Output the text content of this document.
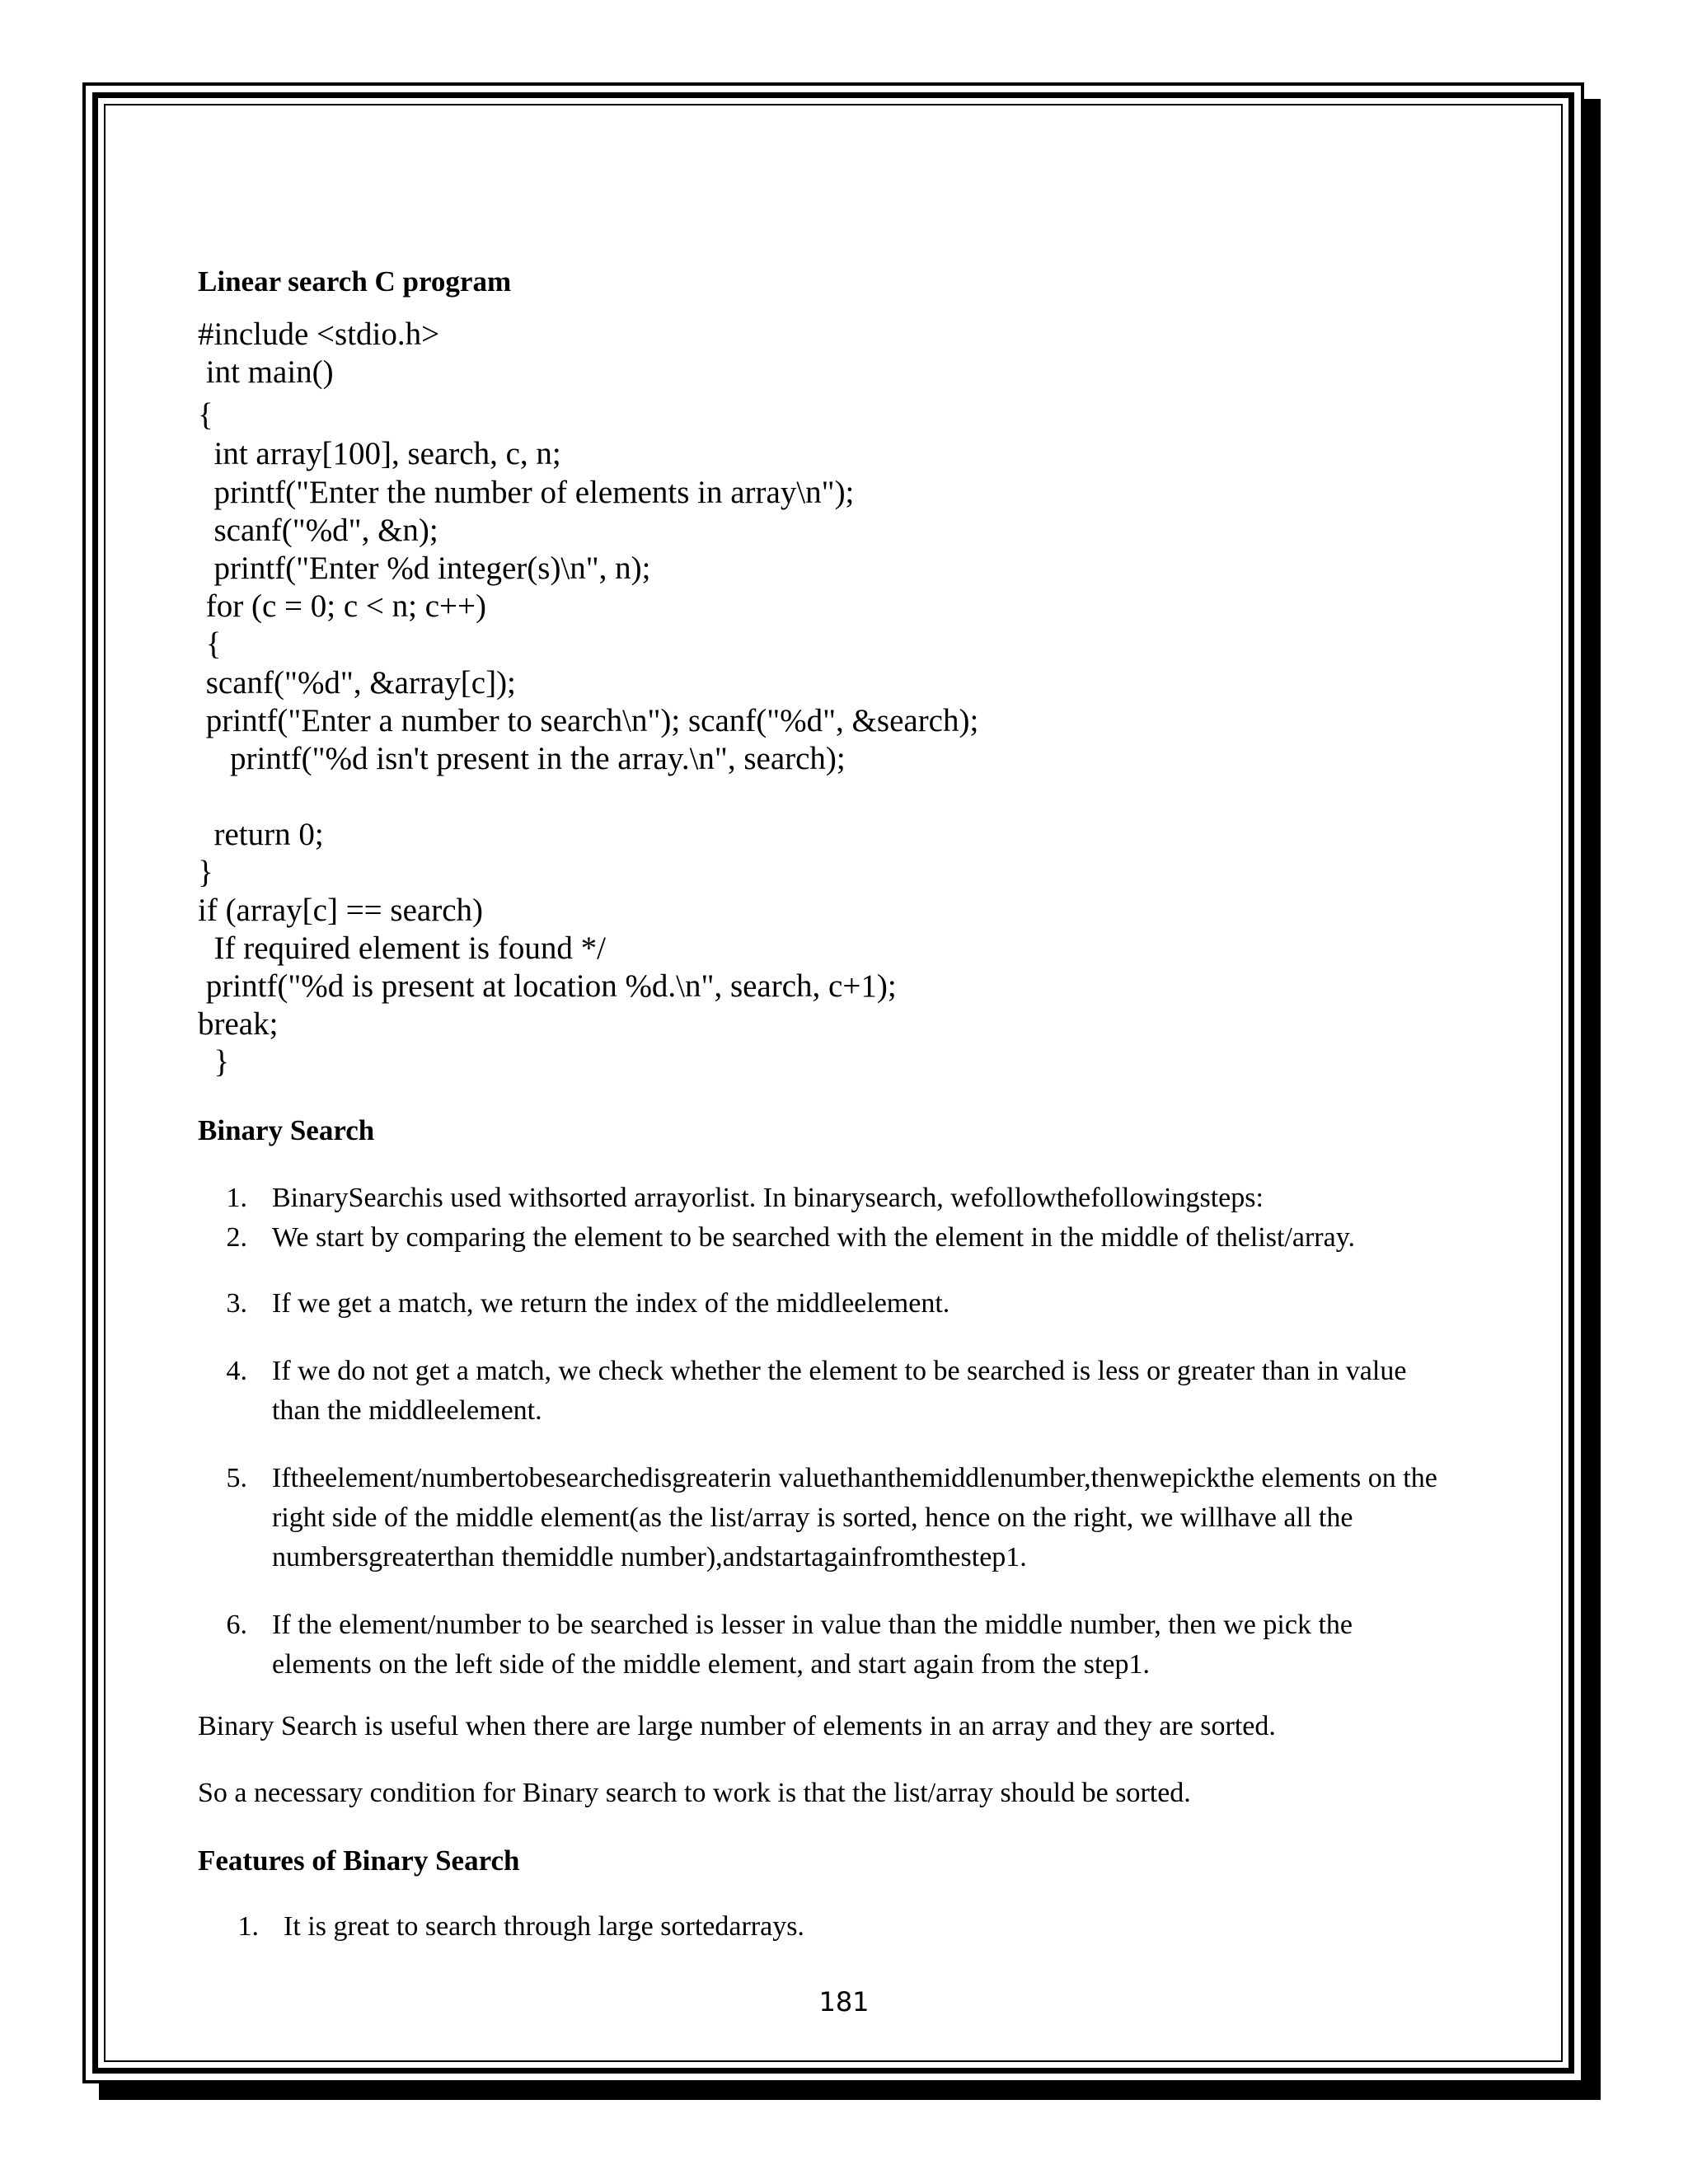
Linear search C program
#include <stdio.h>
int main()
{
int array[100], search, c, n;
printf("Enter the number of elements in array\n");
scanf("%d", &n);
printf("Enter %d integer(s)\n", n);
for (c = 0; c < n; c++)
{
scanf("%d", &array[c]);
printf("Enter a number to search\n"); scanf("%d", &search);
printf("%d isn't present in the array.\n", search);
return 0;
}
if (array[c] == search)
If required element is found */
printf("%d is present at location %d.\n", search, c+1);
break;
}
Binary Search
1. BinarySearchis used withsorted arrayorlist. In binarysearch, wefollowthefollowingsteps:
2. We start by comparing the element to be searched with the element in the middle of thelist/array.
3. If we get a match, we return the index of the middleelement.
4. If we do not get a match, we check whether the element to be searched is less or greater than in value than the middleelement.
5. Iftheelement/numbertobesearchedisgreaterin valuethanthemiddlenumber,thenwepickthe elements on the right side of the middle element(as the list/array is sorted, hence on the right, we willhave all the numbersgreaterthan themiddle number),andstartagainfromthestep1.
6. If the element/number to be searched is lesser in value than the middle number, then we pick the elements on the left side of the middle element, and start again from the step1.
Binary Search is useful when there are large number of elements in an array and they are sorted.
So a necessary condition for Binary search to work is that the list/array should be sorted.
Features of Binary Search
1. It is great to search through large sortedarrays.
181
